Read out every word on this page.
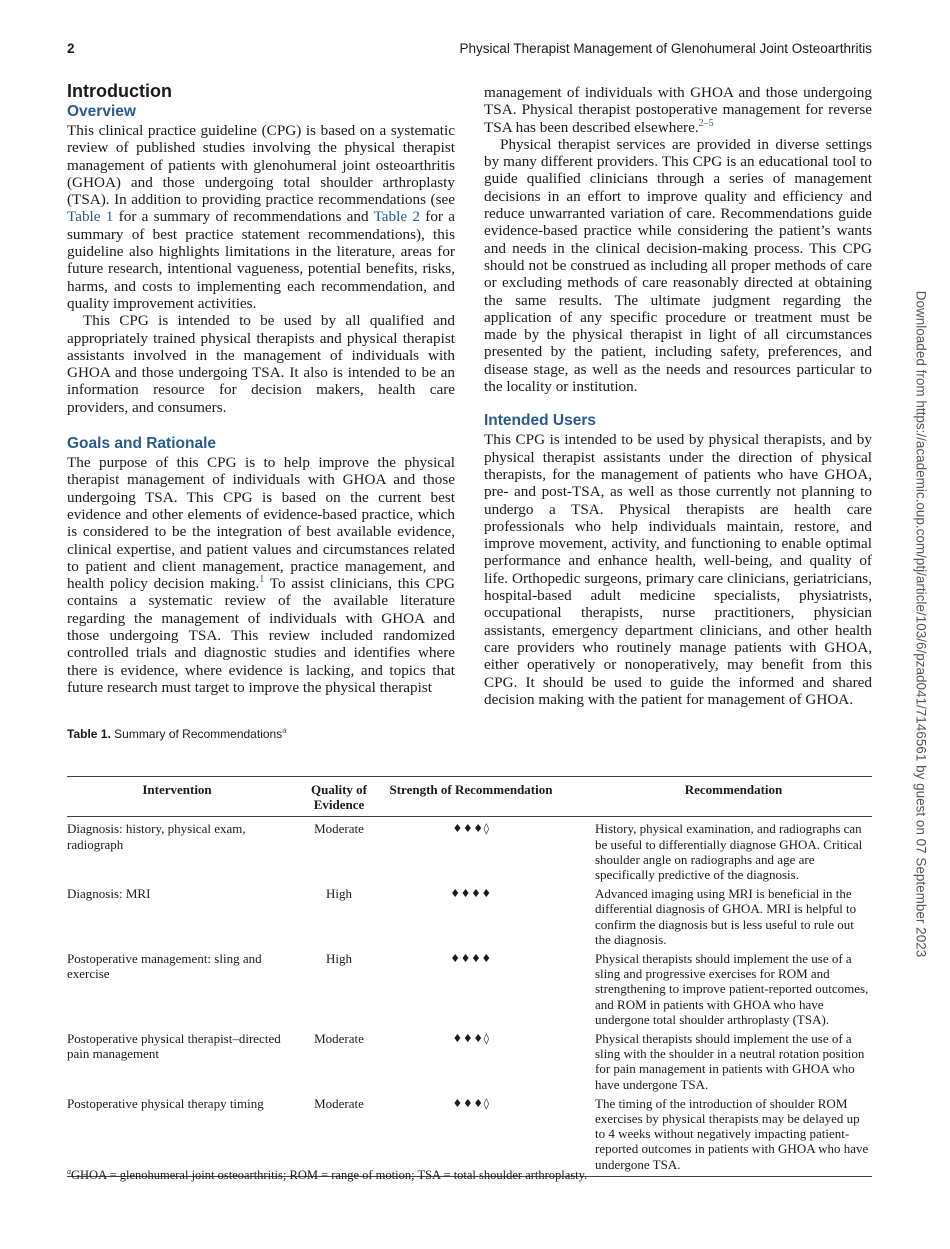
2	Physical Therapist Management of Glenohumeral Joint Osteoarthritis
Introduction
Overview

This clinical practice guideline (CPG) is based on a systematic review of published studies involving the physical therapist management of patients with glenohumeral joint osteoarthritis (GHOA) and those undergoing total shoulder arthroplasty (TSA). In addition to providing practice recommendations (see Table 1 for a summary of recommendations and Table 2 for a summary of best practice statement recommendations), this guideline also highlights limitations in the literature, areas for future research, intentional vagueness, potential benefits, risks, harms, and costs to implementing each recommendation, and quality improvement activities.

This CPG is intended to be used by all qualified and appropriately trained physical therapists and physical therapist assistants involved in the management of individuals with GHOA and those undergoing TSA. It also is intended to be an information resource for decision makers, health care providers, and consumers.

Goals and Rationale

The purpose of this CPG is to help improve the physical therapist management of individuals with GHOA and those undergoing TSA. This CPG is based on the current best evidence and other elements of evidence-based practice, which is considered to be the integration of best available evidence, clinical expertise, and patient values and circumstances related to patient and client management, practice management, and health policy decision making.$^1$ To assist clinicians, this CPG contains a systematic review of the available literature regarding the management of individuals with GHOA and those undergoing TSA. This review included randomized controlled trials and diagnostic studies and identifies where there is evidence, where evidence is lacking, and topics that future research must target to improve the physical therapist

management of individuals with GHOA and those undergoing TSA. Physical therapist postoperative management for reverse TSA has been described elsewhere.$^{2-5}$

Physical therapist services are provided in diverse settings by many different providers. This CPG is an educational tool to guide qualified clinicians through a series of management decisions in an effort to improve quality and efficiency and reduce unwarranted variation of care. Recommendations guide evidence-based practice while considering the patient’s wants and needs in the clinical decision-making process. This CPG should not be construed as including all proper methods of care or excluding methods of care reasonably directed at obtaining the same results. The ultimate judgment regarding the application of any specific procedure or treatment must be made by the physical therapist in light of all circumstances presented by the patient, including safety, preferences, and disease stage, as well as the needs and resources particular to the locality or institution.

Intended Users

This CPG is intended to be used by physical therapists, and by physical therapist assistants under the direction of physical therapists, for the management of patients who have GHOA, pre- and post-TSA, as well as those currently not planning to undergo a TSA. Physical therapists are health care professionals who help individuals maintain, restore, and improve movement, activity, and functioning to enable optimal performance and enhance health, well-being, and quality of life. Orthopedic surgeons, primary care clinicians, geriatricians, hospital-based adult medicine specialists, physiatrists, occupational therapists, nurse practitioners, physician assistants, emergency department clinicians, and other health care providers who routinely manage patients with GHOA, either operatively or nonoperatively, may benefit from this CPG. It should be used to guide the informed and shared decision making with the patient for management of GHOA.	Downloaded from https://academic.oup.com/ptj/article/103/6/pzad041/7146561 by guest on 07 September 2023
Table 1. Summary of Recommendations$^a$
Intervention	Quality of Evidence	Strength of Recommendation	Recommendation
Diagnosis: history, physical exam, radiograph	Moderate	♦♦♦◊	History, physical examination, and radiographs can be useful to differentially diagnose GHOA. Critical shoulder angle on radiographs and age are specifically predictive of the diagnosis.
Diagnosis: MRI	High	♦♦♦♦	Advanced imaging using MRI is beneficial in the differential diagnosis of GHOA. MRI is helpful to confirm the diagnosis but is less useful to rule out the diagnosis.
Postoperative management: sling and exercise	High	♦♦♦♦	Physical therapists should implement the use of a sling and progressive exercises for ROM and strengthening to improve patient-reported outcomes, and ROM in patients with GHOA who have undergone total shoulder arthroplasty (TSA).
Postoperative physical therapist–directed pain management	Moderate	♦♦♦◊	Physical therapists should implement the use of a sling with the shoulder in a neutral rotation position for pain management in patients with GHOA who have undergone TSA.
Postoperative physical therapy timing	Moderate	♦♦♦◊	The timing of the introduction of shoulder ROM exercises by physical therapists may be delayed up to 4 weeks without negatively impacting patient-reported outcomes in patients with GHOA who have undergone TSA.
$^a$GHOA = glenohumeral joint osteoarthritis; ROM = range of motion; TSA = total shoulder arthroplasty.
